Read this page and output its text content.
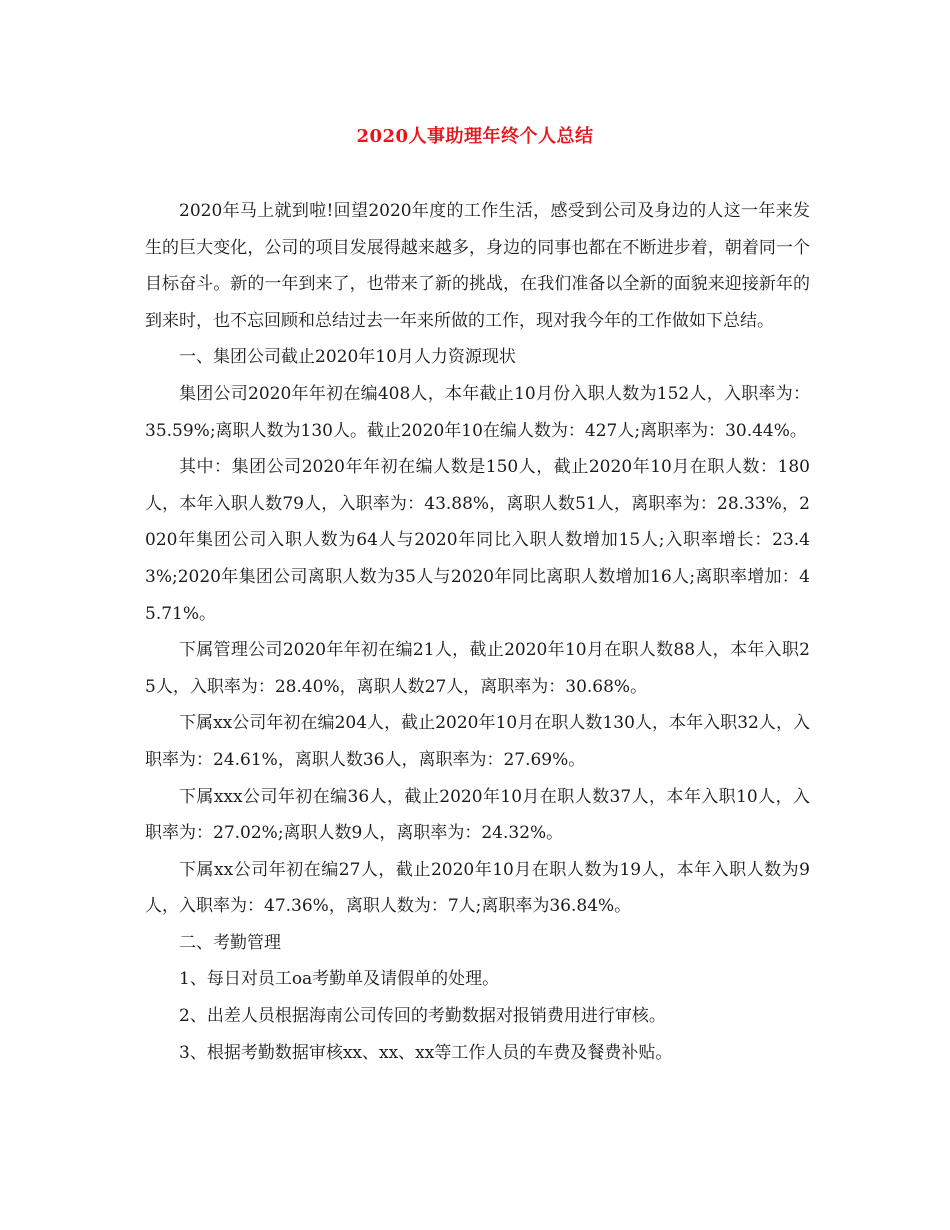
2020人事助理年终个人总结

2020年马上就到啦!回望2020年度的工作生活，感受到公司及身边的人这一年来发生的巨大变化，公司的项目发展得越来越多，身边的同事也都在不断进步着，朝着同一个目标奋斗。新的一年到来了，也带来了新的挑战，在我们准备以全新的面貌来迎接新年的到来时，也不忘回顾和总结过去一年来所做的工作，现对我今年的工作做如下总结。

一、集团公司截止2020年10月人力资源现状

集团公司2020年年初在编408人，本年截止10月份入职人数为152人，入职率为：35.59%;离职人数为130人。截止2020年10在编人数为：427人;离职率为：30.44%。

其中：集团公司2020年年初在编人数是150人，截止2020年10月在职人数：180人，本年入职人数79人，入职率为：43.88%，离职人数51人，离职率为：28.33%，2020年集团公司入职人数为64人与2020年同比入职人数增加15人;入职率增长：23.43%;2020年集团公司离职人数为35人与2020年同比离职人数增加16人;离职率增加：45.71%。

下属管理公司2020年年初在编21人，截止2020年10月在职人数88人，本年入职25人，入职率为：28.40%，离职人数27人，离职率为：30.68%。

下属xx公司年初在编204人，截止2020年10月在职人数130人，本年入职32人，入职率为：24.61%，离职人数36人，离职率为：27.69%。

下属xxx公司年初在编36人，截止2020年10月在职人数37人，本年入职10人，入职率为：27.02%;离职人数9人，离职率为：24.32%。

下属xx公司年初在编27人，截止2020年10月在职人数为19人，本年入职人数为9人，入职率为：47.36%，离职人数为：7人;离职率为36.84%。

二、考勤管理

1、每日对员工oa考勤单及请假单的处理。

2、出差人员根据海南公司传回的考勤数据对报销费用进行审核。

3、根据考勤数据审核xx、xx、xx等工作人员的车费及餐费补贴。
